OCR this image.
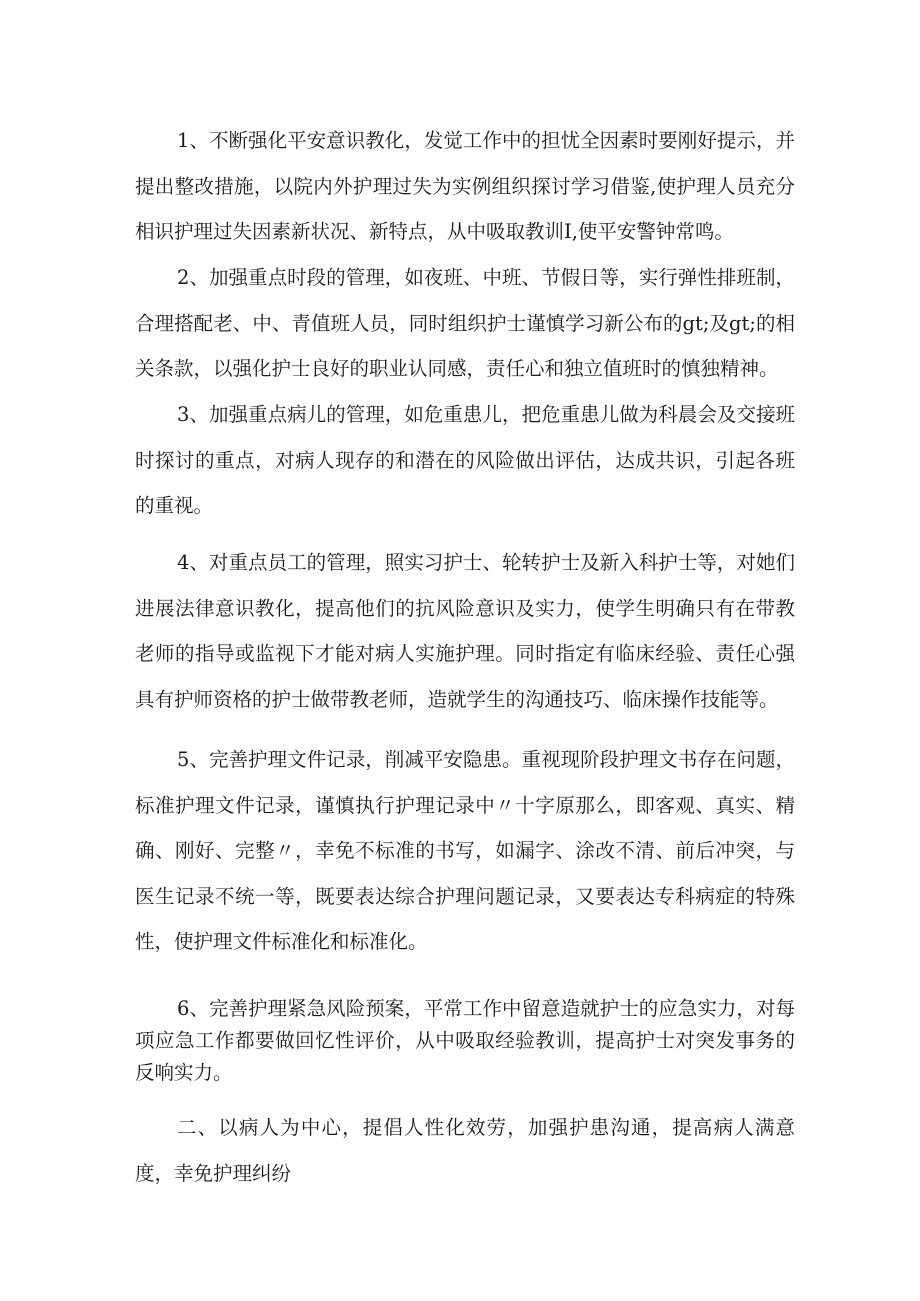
1、不断强化平安意识教化，发觉工作中的担忧全因素时要刚好提示，并提出整改措施，以院内外护理过失为实例组织探讨学习借鉴,使护理人员充分相识护理过失因素新状况、新特点，从中吸取教训I,使平安警钟常鸣。

2、加强重点时段的管理，如夜班、中班、节假日等，实行弹性排班制，合理搭配老、中、青值班人员，同时组织护士谨慎学习新公布的gt;及gt;的相关条款，以强化护士良好的职业认同感，责任心和独立值班时的慎独精神。

3、加强重点病儿的管理，如危重患儿，把危重患儿做为科晨会及交接班时探讨的重点，对病人现存的和潜在的风险做出评估，达成共识，引起各班的重视。

4、对重点员工的管理，照实习护士、轮转护士及新入科护士等，对她们进展法律意识教化，提高他们的抗风险意识及实力，使学生明确只有在带教老师的指导或监视下才能对病人实施护理。同时指定有临床经验、责任心强具有护师资格的护士做带教老师，造就学生的沟通技巧、临床操作技能等。

5、完善护理文件记录，削减平安隐患。重视现阶段护理文书存在问题，标准护理文件记录，谨慎执行护理记录中〃十字原那么，即客观、真实、精确、刚好、完整〃，幸免不标准的书写，如漏字、涂改不清、前后冲突，与医生记录不统一等，既要表达综合护理问题记录，又要表达专科病症的特殊性，使护理文件标准化和标准化。

6、完善护理紧急风险预案，平常工作中留意造就护士的应急实力，对每项应急工作都要做回忆性评价，从中吸取经验教训，提高护士对突发事务的反响实力。

二、以病人为中心，提倡人性化效劳，加强护患沟通，提高病人满意度，幸免护理纠纷
